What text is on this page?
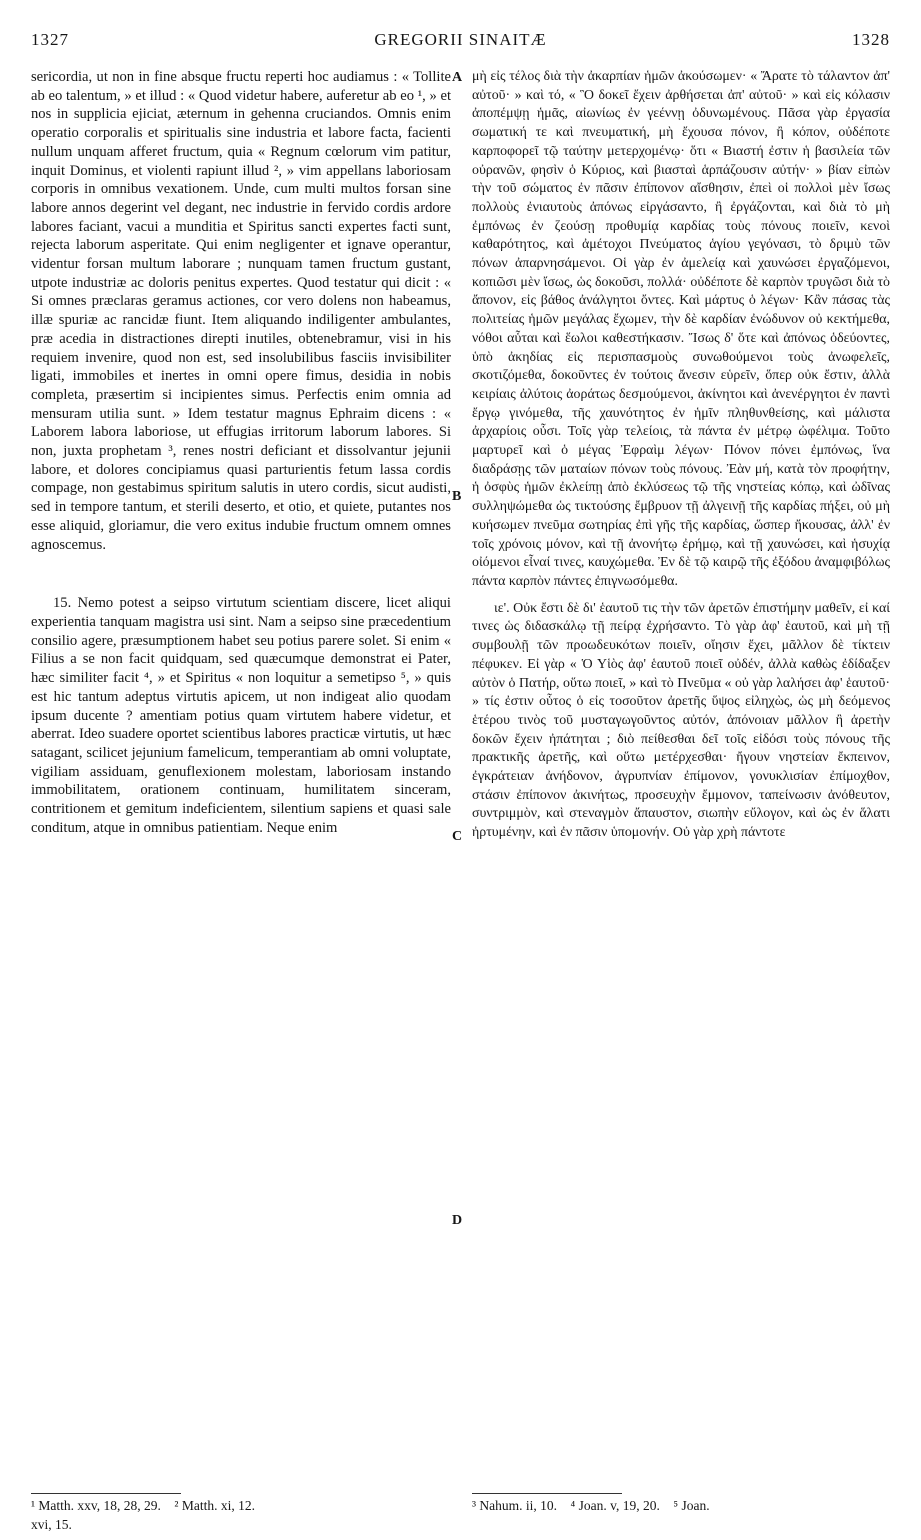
1327	GREGORII SINAITÆ	1328

sericordia, ut non in fine absque fructu reperti hoc audiamus : « Tollite ab eo talentum, » et illud : « Quod videtur habere, auferetur ab eo ¹, » et nos in supplicia ejiciat, æternum in gehenna cruciandos. Omnis enim operatio corporalis et spiritualis sine industria et labore facta, facienti nullum unquam afferet fructum, quia « Regnum cœlorum vim patitur, inquit Dominus, et violenti rapiunt illud ², » vim appellans laboriosam corporis in omnibus vexationem. Unde, cum multi multos forsan sine labore annos degerint vel degant, nec industrie in fervido cordis ardore labores faciant, vacui a munditia et Spiritus sancti expertes facti sunt, rejecta laborum asperitate. Qui enim negligenter et ignave operantur, videntur forsan multum laborare ; nunquam tamen fructum gustant, utpote industriæ ac doloris penitus expertes. Quod testatur qui dicit : « Si omnes præclaras geramus actiones, cor vero dolens non habeamus, illæ spuriæ ac rancidæ fiunt. Item aliquando indiligenter ambulantes, præ acedia in distractiones direpti inutiles, obtenebramur, visi in his requiem invenire, quod non est, sed insolubilibus fasciis invisibiliter ligati, immobiles et inertes in omni opere fimus, desidia in nobis completa, præsertim si incipientes simus. Perfectis enim omnia ad mensuram utilia sunt. » Idem testatur magnus Ephraim dicens : « Laborem labora laboriose, ut effugias irritorum laborum labores. Si non, juxta prophetam ³, renes nostri deficiant et dissolvantur jejunii labore, et dolores concipiamus quasi parturientis fetum lassa cordis compage, non gestabimus spiritum salutis in utero cordis, sicut audisti, sed in tempore tantum, et sterili deserto, et otio, et quiete, putantes nos esse aliquid, gloriamur, die vero exitus indubie fructum omnem omnes agnoscemus.

15. Nemo potest a seipso virtutum scientiam discere, licet aliqui experientia tanquam magistra usi sint. Nam a seipso sine præcedentium consilio agere, præsumptionem habet seu potius parere solet. Si enim « Filius a se non facit quidquam, sed quæcumque demonstrat ei Pater, hæc similiter facit ⁴, » et Spiritus « non loquitur a semetipso ⁵, » quis est hic tantum adeptus virtutis apicem, ut non indigeat alio quodam ipsum ducente ? amentiam potius quam virtutem habere videtur, et aberrat. Ideo suadere oportet scientibus labores practicæ virtutis, ut hæc satagant, scilicet jejunium famelicum, temperantiam ab omni voluptate, vigiliam assiduam, genuflexionem molestam, laboriosam instando immobilitatem, orationem continuam, humilitatem sinceram, contritionem et gemitum indeficientem, silentium sapiens et quasi sale conditum, atque in omnibus patientiam. Neque enim

A
B
C
D

μὴ εἰς τέλος διὰ τὴν ἀκαρπίαν ἡμῶν ἀκούσωμεν· « Ἄρατε τὸ τάλαντον ἀπ' αὐτοῦ· » καὶ τό, « Ὃ δοκεῖ ἔχειν ἀρθήσεται ἀπ' αὐτοῦ· » καὶ εἰς κόλασιν ἀποπέμψῃ ἡμᾶς, αἰωνίως ἐν γεέννῃ ὀδυνωμένους. Πᾶσα γὰρ ἐργασία σωματική τε καὶ πνευματική, μὴ ἔχουσα πόνον, ἢ κόπον, οὐδέποτε καρποφορεῖ τῷ ταύτην μετερχομένῳ· ὅτι « Βιαστή ἐστιν ἡ βασιλεία τῶν οὐρανῶν, φησὶν ὁ Κύριος, καὶ βιασταὶ ἁρπάζουσιν αὐτήν· » βίαν εἰπὼν τὴν τοῦ σώματος ἐν πᾶσιν ἐπίπονον αἴσθησιν, ἐπεὶ οἱ πολλοὶ μὲν ἴσως πολλοὺς ἐνιαυτοὺς ἀπόνως εἰργάσαντο, ἢ ἐργάζονται, καὶ διὰ τὸ μὴ ἐμπόνως ἐν ζεούσῃ προθυμίᾳ καρδίας τοὺς πόνους ποιεῖν, κενοὶ καθαρότητος, καὶ ἀμέτοχοι Πνεύματος ἁγίου γεγόνασι, τὸ δριμὺ τῶν πόνων ἀπαρνησάμενοι. Οἱ γὰρ ἐν ἀμελείᾳ καὶ χαυνώσει ἐργαζόμενοι, κοπιῶσι μὲν ἴσως, ὡς δοκοῦσι, πολλά· οὐδέποτε δὲ καρπὸν τρυγῶσι διὰ τὸ ἄπονον, εἰς βάθος ἀνάλγητοι ὄντες. Καὶ μάρτυς ὁ λέγων· Κἂν πάσας τὰς πολιτείας ἡμῶν μεγάλας ἔχωμεν, τὴν δὲ καρδίαν ἐνώδυνον οὐ κεκτήμεθα, νόθοι αὗται καὶ ἕωλοι καθεστήκασιν. Ἴσως δ' ὅτε καὶ ἀπόνως ὁδεύοντες, ὑπὸ ἀκηδίας εἰς περισπασμοὺς συνωθούμενοι τοὺς ἀνωφελεῖς, σκοτιζόμεθα, δοκοῦντες ἐν τούτοις ἄνεσιν εὑρεῖν, ὅπερ οὐκ ἔστιν, ἀλλὰ κειρίαις ἀλύτοις ἀοράτως δεσμούμενοι, ἀκίνητοι καὶ ἀνενέργητοι ἐν παντὶ ἔργῳ γινόμεθα, τῆς χαυνότητος ἐν ἡμῖν πληθυνθείσης, καὶ μάλιστα ἀρχαρίοις οὖσι. Τοῖς γὰρ τελείοις, τὰ πάντα ἐν μέτρῳ ὠφέλιμα. Τοῦτο μαρτυρεῖ καὶ ὁ μέγας Ἐφραὶμ λέγων· Πόνον πόνει ἐμπόνως, ἵνα διαδράσῃς τῶν ματαίων πόνων τοὺς πόνους. Ἐὰν μή, κατὰ τὸν προφήτην, ἡ ὀσφὺς ἡμῶν ἐκλείπῃ ἀπὸ ἐκλύσεως τῷ τῆς νηστείας κόπῳ, καὶ ὠδῖνας συλληψώμεθα ὡς τικτούσης ἔμβρυον τῇ ἀλγεινῇ τῆς καρδίας πήξει, οὐ μὴ κυήσωμεν πνεῦμα σωτηρίας ἐπὶ γῆς τῆς καρδίας, ὥσπερ ἤκουσας, ἀλλ' ἐν τοῖς χρόνοις μόνον, καὶ τῇ ἀνονήτῳ ἐρήμῳ, καὶ τῇ χαυνώσει, καὶ ἡσυχίᾳ οἰόμενοι εἶναί τινες, καυχώμεθα. Ἐν δὲ τῷ καιρῷ τῆς ἐξόδου ἀναμφιβόλως πάντα καρπὸν πάντες ἐπιγνωσόμεθα.

ιε'. Οὐκ ἔστι δὲ δι' ἑαυτοῦ τις τὴν τῶν ἀρετῶν ἐπιστήμην μαθεῖν, εἰ καί τινες ὡς διδασκάλῳ τῇ πείρᾳ ἐχρήσαντο. Τὸ γὰρ ἀφ' ἑαυτοῦ, καὶ μὴ τῇ συμβουλῇ τῶν προωδευκότων ποιεῖν, οἴησιν ἔχει, μᾶλλον δὲ τίκτειν πέφυκεν. Εἰ γὰρ « Ὁ Υἱὸς ἀφ' ἑαυτοῦ ποιεῖ οὐδέν, ἀλλὰ καθὼς ἐδίδαξεν αὐτὸν ὁ Πατήρ, οὕτω ποιεῖ, » καὶ τὸ Πνεῦμα « οὐ γὰρ λαλήσει ἀφ' ἑαυτοῦ· » τίς ἐστιν οὗτος ὁ εἰς τοσοῦτον ἀρετῆς ὕψος εἰληχὼς, ὡς μὴ δεόμενος ἑτέρου τινὸς τοῦ μυσταγωγοῦντος αὐτόν, ἀπόνοιαν μᾶλλον ἢ ἀρετὴν δοκῶν ἔχειν ἠπάτηται ; διὸ πείθεσθαι δεῖ τοῖς εἰδόσι τοὺς πόνους τῆς πρακτικῆς ἀρετῆς, καὶ οὕτω μετέρχεσθαι· ἤγουν νηστείαν ἔκπεινον, ἐγκράτειαν ἀνήδονον, ἀγρυπνίαν ἐπίμονον, γονυκλισίαν ἐπίμοχθον, στάσιν ἐπίπονον ἀκινήτως, προσευχὴν ἔμμονον, ταπείνωσιν ἀνόθευτον, συντριμμὸν, καὶ στεναγμὸν ἄπαυστον, σιωπὴν εὔλογον, καὶ ὡς ἐν ἅλατι ἠρτυμένην, καὶ ἐν πᾶσιν ὑπομονήν. Οὐ γὰρ χρὴ πάντοτε

¹ Matth. xxv, 18, 28, 29.    ² Matth. xi, 12.
xvi, 15.
³ Nahum. ii, 10.    ⁴ Joan. v, 19, 20.    ⁵ Joan.
